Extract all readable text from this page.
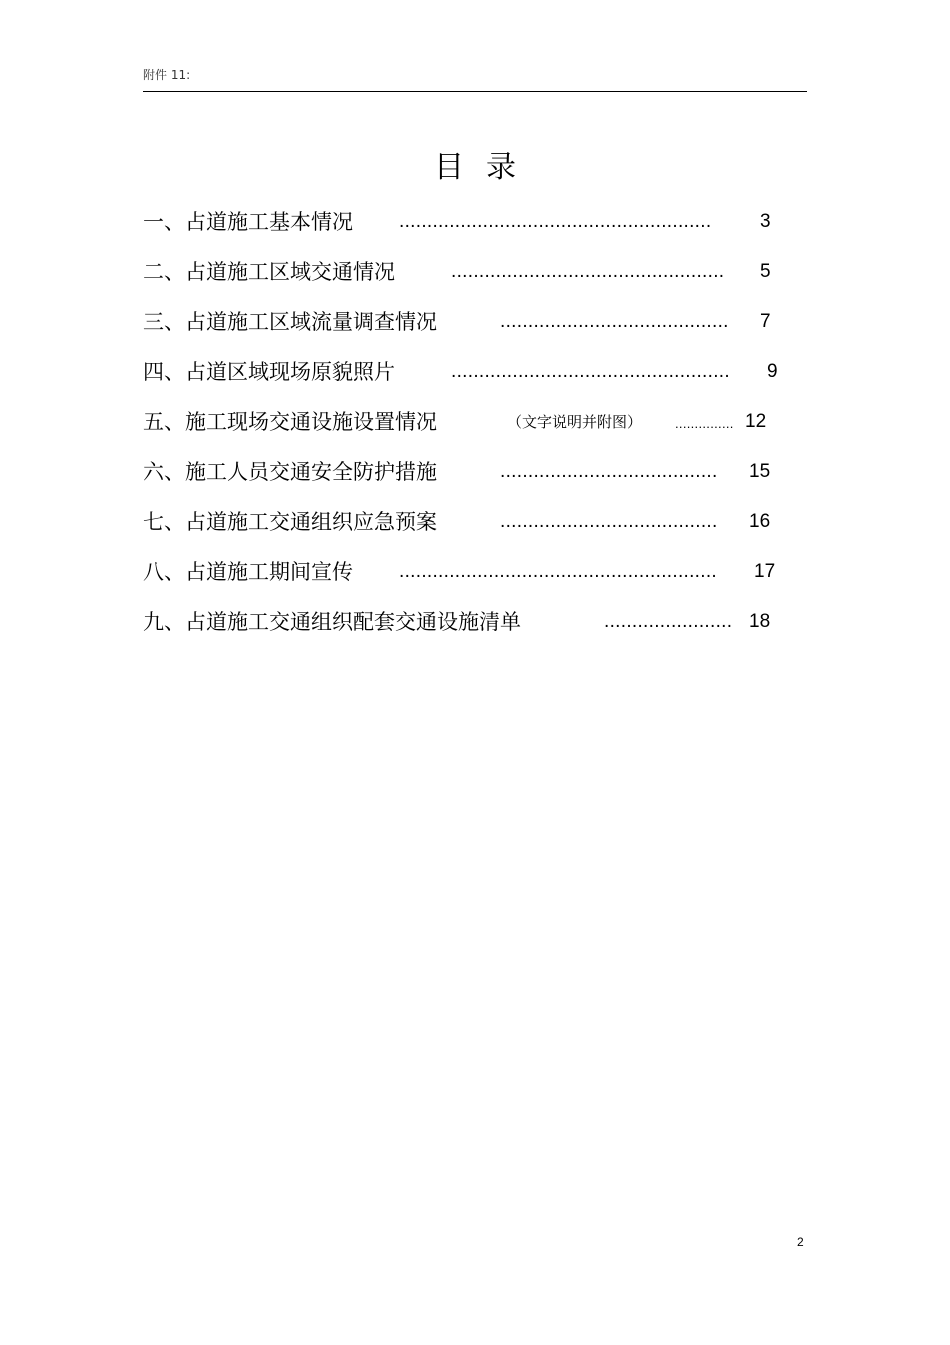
附件 11:
目录
一、占道施工基本情况 ........................................................	3
二、占道施工区域交通情况	................................................. 5
三、占道施工区域流量调查情况	......................................... 7
四、占道区域现场原貌照片	.................................................. 9
五、施工现场交通设施设置情况	（文字说明并附图）	............... 12
六、施工人员交通安全防护措施	....................................... 15
七、占道施工交通组织应急预案	....................................... 16
八、占道施工期间宣传 ......................................................... 17
九、占道施工交通组织配套交通设施清单	....................... 18
2
